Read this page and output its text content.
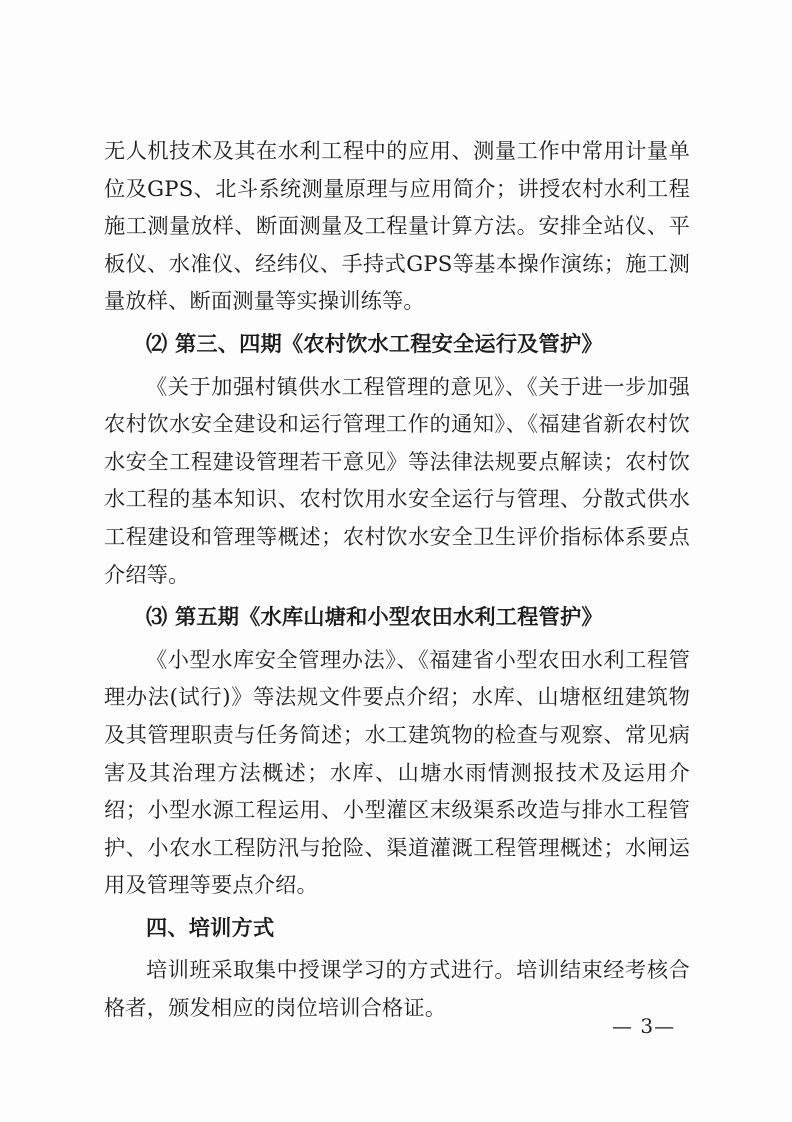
无人机技术及其在水利工程中的应用、测量工作中常用计量单位及GPS、北斗系统测量原理与应用简介；讲授农村水利工程施工测量放样、断面测量及工程量计算方法。安排全站仪、平板仪、水准仪、经纬仪、手持式GPS等基本操作演练；施工测量放样、断面测量等实操训练等。

⑵ 第三、四期《农村饮水工程安全运行及管护》

《关于加强村镇供水工程管理的意见》、《关于进一步加强农村饮水安全建设和运行管理工作的通知》、《福建省新农村饮水安全工程建设管理若干意见》等法律法规要点解读；农村饮水工程的基本知识、农村饮用水安全运行与管理、分散式供水工程建设和管理等概述；农村饮水安全卫生评价指标体系要点介绍等。

⑶ 第五期《水库山塘和小型农田水利工程管护》

《小型水库安全管理办法》、《福建省小型农田水利工程管理办法(试行)》等法规文件要点介绍；水库、山塘枢纽建筑物及其管理职责与任务简述；水工建筑物的检查与观察、常见病害及其治理方法概述；水库、山塘水雨情测报技术及运用介绍；小型水源工程运用、小型灌区末级渠系改造与排水工程管护、小农水工程防汛与抢险、渠道灌溉工程管理概述；水闸运用及管理等要点介绍。

四、培训方式

培训班采取集中授课学习的方式进行。培训结束经考核合格者，颁发相应的岗位培训合格证。

— 3—
